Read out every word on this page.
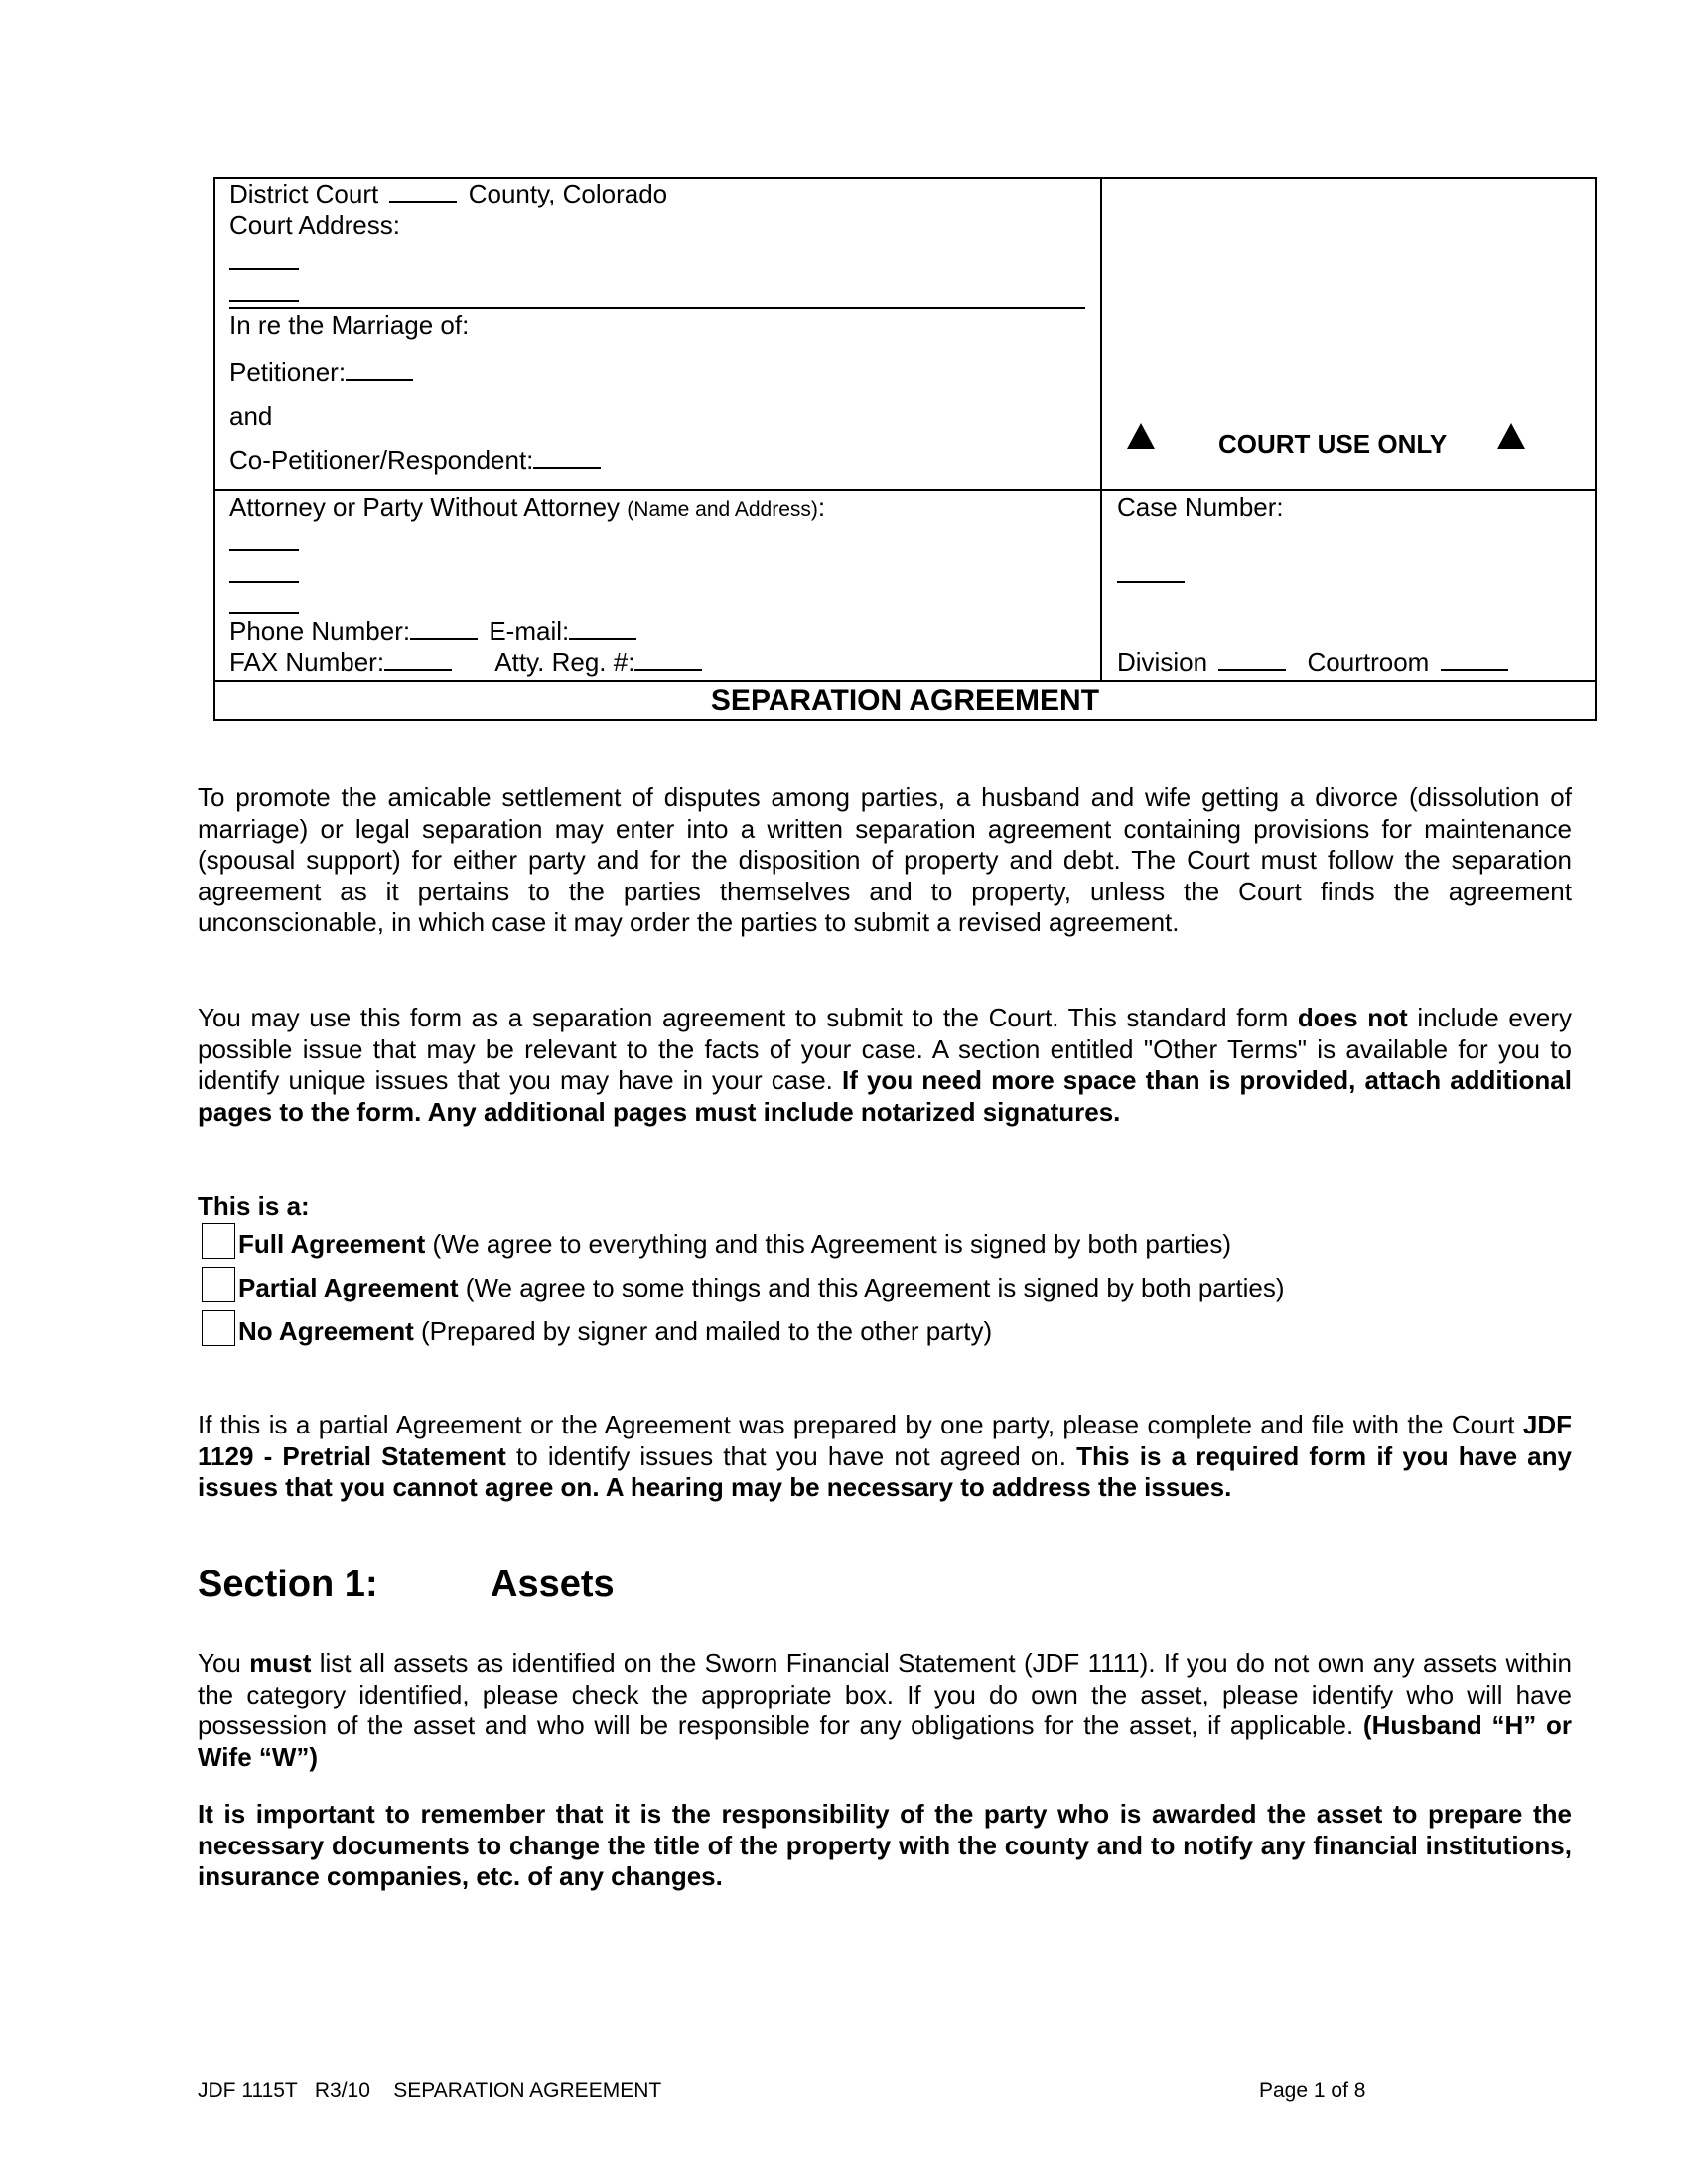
District Court	County, Colorado
Court Address:
In re the Marriage of:
Petitioner:
and
Co-Petitioner/Respondent:
COURT USE ONLY
Attorney or Party Without Attorney (Name and Address):
Phone Number:	E-mail:
FAX Number:	Atty. Reg. #:
Case Number:
Division	Courtroom
SEPARATION AGREEMENT
To promote the amicable settlement of disputes among parties, a husband and wife getting a divorce (dissolution of marriage) or legal separation may enter into a written separation agreement containing provisions for maintenance (spousal support) for either party and for the disposition of property and debt. The Court must follow the separation agreement as it pertains to the parties themselves and to property, unless the Court finds the agreement unconscionable, in which case it may order the parties to submit a revised agreement.
You may use this form as a separation agreement to submit to the Court. This standard form does not include every possible issue that may be relevant to the facts of your case. A section entitled "Other Terms" is available for you to identify unique issues that you may have in your case. If you need more space than is provided, attach additional pages to the form. Any additional pages must include notarized signatures.
This is a:
Full Agreement (We agree to everything and this Agreement is signed by both parties)
Partial Agreement (We agree to some things and this Agreement is signed by both parties)
No Agreement (Prepared by signer and mailed to the other party)
If this is a partial Agreement or the Agreement was prepared by one party, please complete and file with the Court JDF 1129 - Pretrial Statement to identify issues that you have not agreed on. This is a required form if you have any issues that you cannot agree on. A hearing may be necessary to address the issues.
Section 1:	Assets
You must list all assets as identified on the Sworn Financial Statement (JDF 1111). If you do not own any assets within the category identified, please check the appropriate box. If you do own the asset, please identify who will have possession of the asset and who will be responsible for any obligations for the asset, if applicable. (Husband “H” or Wife “W”)
It is important to remember that it is the responsibility of the party who is awarded the asset to prepare the necessary documents to change the title of the property with the county and to notify any financial institutions, insurance companies, etc. of any changes.
JDF 1115T   R3/10    SEPARATION AGREEMENT	Page 1 of 8
